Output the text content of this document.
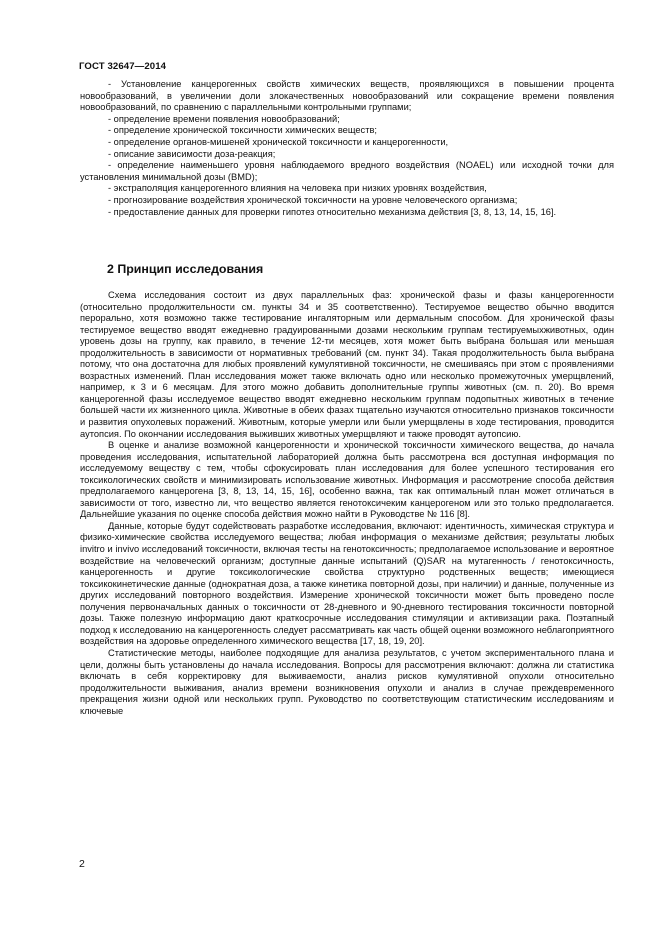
ГОСТ 32647—2014

- Установление канцерогенных свойств химических веществ, проявляющихся в повышении процента новообразований, в увеличении доли злокачественных новообразований или сокращение времени появления новообразований, по сравнению с параллельными контрольными группами;

- определение времени появления новообразований;

- определение хронической токсичности химических веществ;

- определение органов-мишеней хронической токсичности и канцерогенности,

- описание зависимости доза-реакция;

- определение наименьшего уровня наблюдаемого вредного воздействия (NOAEL) или исходной точки для установления минимальной дозы (BMD);

- экстраполяция канцерогенного влияния на человека при низких уровнях воздействия,

- прогнозирование воздействия хронической токсичности на уровне человеческого организма;

- предоставление данных для проверки гипотез относительно механизма действия [3, 8, 13, 14, 15, 16].

2 Принцип исследования

Схема исследования состоит из двух параллельных фаз: хронической фазы и фазы канцерогенности (относительно продолжительности см. пункты 34 и 35 соответственно). Тестируемое вещество обычно вводится перорально, хотя возможно также тестирование ингаляторным или дермальным способом. Для хронической фазы тестируемое вещество вводят ежедневно градуированными дозами нескольким группам тестируемыхживотных, один уровень дозы на группу, как правило, в течение 12-ти месяцев, хотя может быть выбрана большая или меньшая продолжительность в зависимости от нормативных требований (см. пункт 34). Такая продолжительность была выбрана потому, что она достаточна для любых проявлений кумулятивной токсичности, не смешиваясь при этом с проявлениями возрастных изменений. План исследования может также включать одно или несколько промежуточных умерщвлений, например, к 3 и 6 месяцам. Для этого можно добавить дополнительные группы животных (см. п. 20). Во время канцерогенной фазы исследуемое вещество вводят ежедневно нескольким группам подопытных животных в течение большей части их жизненного цикла. Животные в обеих фазах тщательно изучаются относительно признаков токсичности и развития опухолевых поражений. Животным, которые умерли или были умерщвлены в ходе тестирования, проводится аутопсия. По окончании исследования выживших животных умерщвляют и также проводят аутопсию.

В оценке и анализе возможной канцерогенности и хронической токсичности химического вещества, до начала проведения исследования, испытательной лабораторией должна быть рассмотрена вся доступная информация по исследуемому веществу с тем, чтобы сфокусировать план исследования для более успешного тестирования его токсикологических свойств и минимизировать использование животных. Информация и рассмотрение способа действия предполагаемого канцерогена [3, 8, 13, 14, 15, 16], особенно важна, так как оптимальный план может отличаться в зависимости от того, известно ли, что вещество является генотоксичеким канцерогеном или это только предполагается. Дальнейшие указания по оценке способа действия можно найти в Руководстве № 116 [8].

Данные, которые будут содействовать разработке исследования, включают: идентичность, химическая структура и физико-химические свойства исследуемого вещества; любая информация о механизме действия; результаты любых invitro и invivo исследований токсичности, включая тесты на генотоксичность; предполагаемое использование и вероятное воздействие на человеческий организм; доступные данные испытаний (Q)SAR на мутагенность / генотоксичность, канцерогенность и другие токсикологические свойства структурно родственных веществ; имеющиеся токсикокинетические данные (однократная доза, а также кинетика повторной дозы, при наличии) и данные, полученные из других исследований повторного воздействия. Измерение хронической токсичности может быть проведено после получения первоначальных данных о токсичности от 28-дневного и 90-дневного тестирования токсичности повторной дозы. Также полезную информацию дают краткосрочные исследования стимуляции и активизации рака. Поэтапный подход к исследованию на канцерогенность следует рассматривать как часть общей оценки возможного неблагоприятного воздействия на здоровье определенного химического вещества [17, 18, 19, 20].

Статистические методы, наиболее подходящие для анализа результатов, с учетом экспериментального плана и цели, должны быть установлены до начала исследования. Вопросы для рассмотрения включают: должна ли статистика включать в себя корректировку для выживаемости, анализ рисков кумулятивной опухоли относительно продолжительности выживания, анализ времени возникновения опухоли и анализ в случае преждевременного прекращения жизни одной или нескольких групп. Руководство по соответствующим статистическим исследованиям и ключевые

2
